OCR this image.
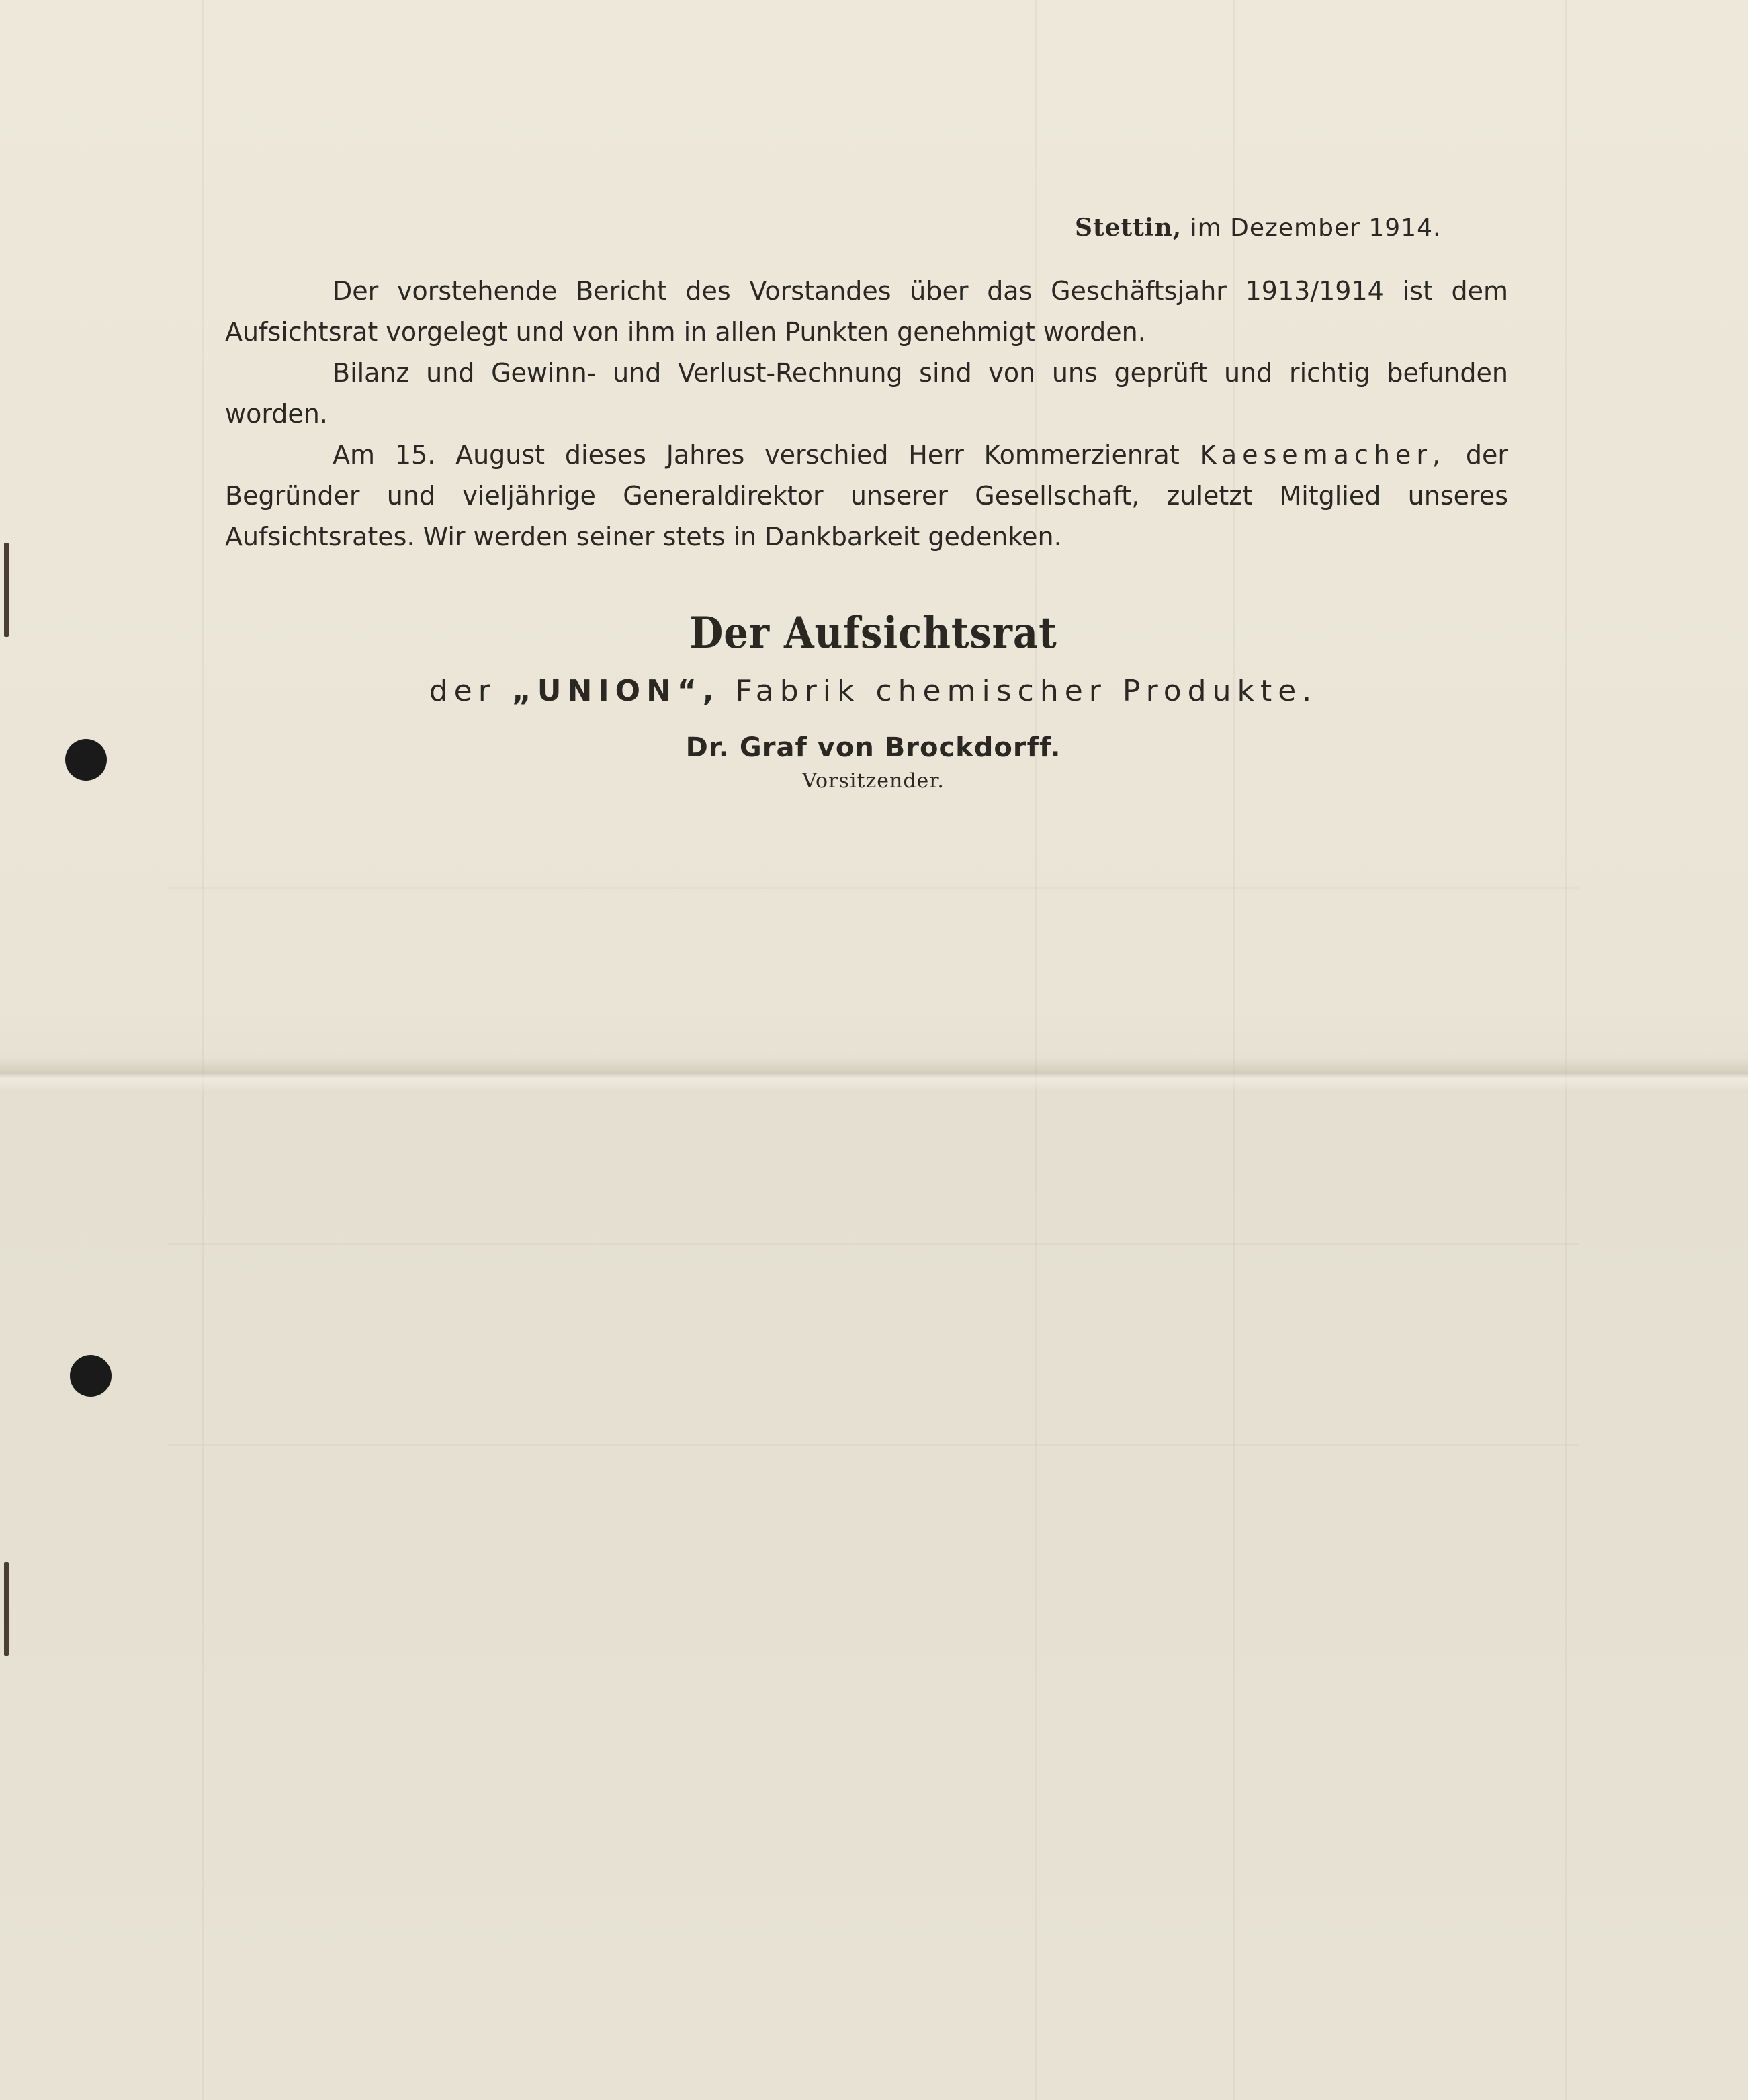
Stettin, im Dezember 1914.

Der vorstehende Bericht des Vorstandes über das Geschäftsjahr 1913/1914 ist dem Aufsichtsrat vorgelegt und von ihm in allen Punkten genehmigt worden.

Bilanz und Gewinn- und Verlust-Rechnung sind von uns geprüft und richtig befunden worden.

Am 15. August dieses Jahres verschied Herr Kommerzienrat Kaesemacher, der Begründer und vieljährige Generaldirektor unserer Gesellschaft, zuletzt Mitglied unseres Aufsichtsrates. Wir werden seiner stets in Dankbarkeit gedenken.

Der Aufsichtsrat
der „UNION“, Fabrik chemischer Produkte.
Dr. Graf von Brockdorff.
Vorsitzender.
